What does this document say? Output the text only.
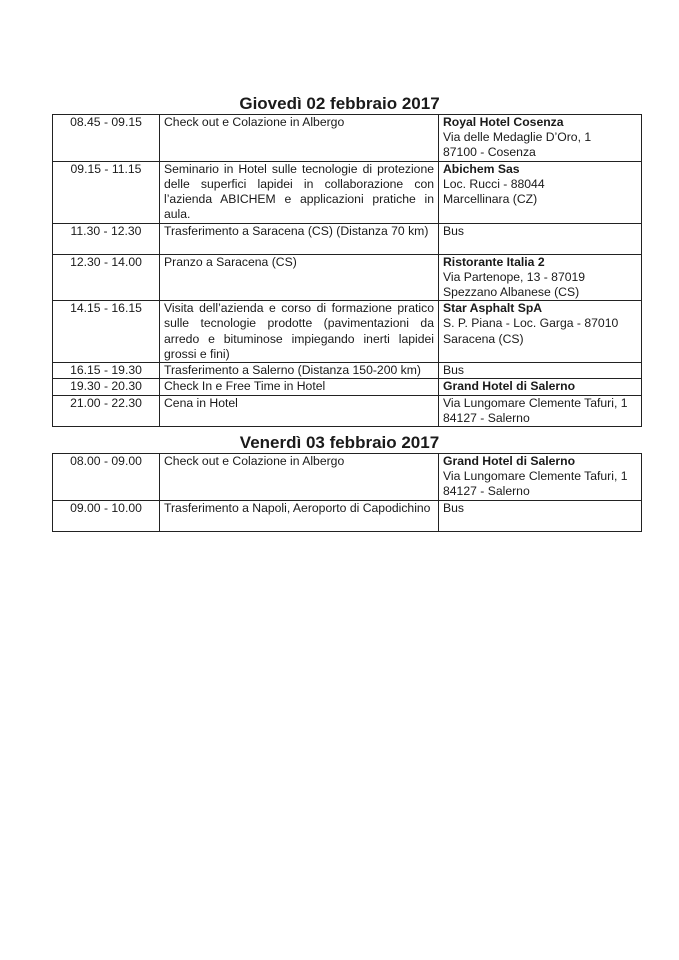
Giovedì 02 febbraio 2017
08.45 - 09.15	Check out e Colazione in Albergo	Royal Hotel Cosenza
Via delle Medaglie D’Oro, 1
87100 - Cosenza

09.15 - 11.15	Seminario in Hotel sulle tecnologie di protezione delle superfici lapidei in collaborazione con l’azienda ABICHEM e applicazioni pratiche in aula.	Abichem Sas
Loc. Rucci - 88044
Marcellinara (CZ)

11.30 - 12.30	Trasferimento a Saracena (CS) (Distanza 70 km)	Bus

12.30 - 14.00	Pranzo a Saracena (CS)	Ristorante Italia 2
Via Partenope, 13 - 87019
Spezzano Albanese (CS)

14.15 - 16.15	Visita dell’azienda e corso di formazione pratico sulle tecnologie prodotte (pavimentazioni da arredo e bituminose impiegando inerti lapidei grossi e fini)	Star Asphalt SpA
S. P. Piana - Loc. Garga - 87010
Saracena (CS)

16.15 - 19.30	Trasferimento a Salerno (Distanza 150-200 km)	Bus

19.30 - 20.30	Check In e Free Time in Hotel	Grand Hotel di Salerno

21.00 - 22.30	Cena in Hotel	Via Lungomare Clemente Tafuri, 1
84127 - Salerno
Venerdì 03 febbraio 2017
08.00 - 09.00	Check out e Colazione in Albergo	Grand Hotel di Salerno
Via Lungomare Clemente Tafuri, 1
84127 - Salerno

09.00 - 10.00	Trasferimento a Napoli, Aeroporto di Capodichino	Bus
